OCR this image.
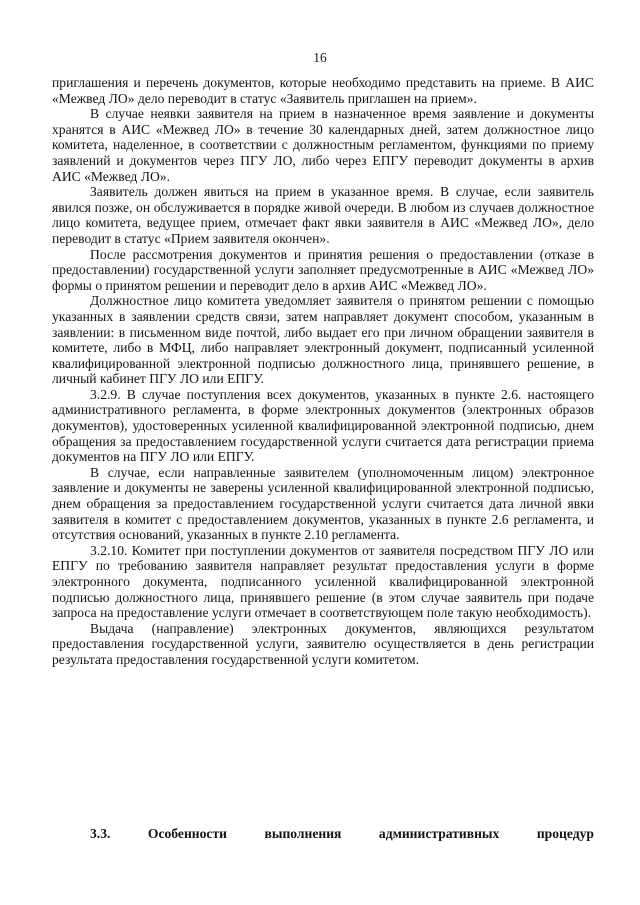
16

приглашения и перечень документов, которые необходимо представить на приеме. В АИС «Межвед ЛО» дело переводит в статус «Заявитель приглашен на прием».

В случае неявки заявителя на прием в назначенное время заявление и документы хранятся в АИС «Межвед ЛО» в течение 30 календарных дней, затем должностное лицо комитета, наделенное, в соответствии с должностным регламентом, функциями по приему заявлений и документов через ПГУ ЛО, либо через ЕПГУ переводит документы в архив АИС «Межвед ЛО».

Заявитель должен явиться на прием в указанное время. В случае, если заявитель явился позже, он обслуживается в порядке живой очереди. В любом из случаев должностное лицо комитета, ведущее прием, отмечает факт явки заявителя в АИС «Межвед ЛО», дело переводит в статус «Прием заявителя окончен».

После рассмотрения документов и принятия решения о предоставлении (отказе в предоставлении) государственной услуги заполняет предусмотренные в АИС «Межвед ЛО» формы о принятом решении и переводит дело в архив АИС «Межвед ЛО».

Должностное лицо комитета уведомляет заявителя о принятом решении с помощью указанных в заявлении средств связи, затем направляет документ способом, указанным в заявлении: в письменном виде почтой, либо выдает его при личном обращении заявителя в комитете, либо в МФЦ, либо направляет электронный документ, подписанный усиленной квалифицированной электронной подписью должностного лица, принявшего решение, в личный кабинет ПГУ ЛО или ЕПГУ.

3.2.9. В случае поступления всех документов, указанных в пункте 2.6. настоящего административного регламента, в форме электронных документов (электронных образов документов), удостоверенных усиленной квалифицированной электронной подписью, днем обращения за предоставлением государственной услуги считается дата регистрации приема документов на ПГУ ЛО или ЕПГУ.

В случае, если направленные заявителем (уполномоченным лицом) электронное заявление и документы не заверены усиленной квалифицированной электронной подписью, днем обращения за предоставлением государственной услуги считается дата личной явки заявителя в комитет с предоставлением документов, указанных в пункте 2.6 регламента, и отсутствия оснований, указанных в пункте 2.10 регламента.

3.2.10. Комитет при поступлении документов от заявителя посредством ПГУ ЛО или ЕПГУ по требованию заявителя направляет результат предоставления услуги в форме электронного документа, подписанного усиленной квалифицированной электронной подписью должностного лица, принявшего решение (в этом случае заявитель при подаче запроса на предоставление услуги отмечает в соответствующем поле такую необходимость).

Выдача (направление) электронных документов, являющихся результатом предоставления государственной услуги, заявителю осуществляется в день регистрации результата предоставления государственной услуги комитетом.

3.3.	Особенности	выполнения	административных	процедур
